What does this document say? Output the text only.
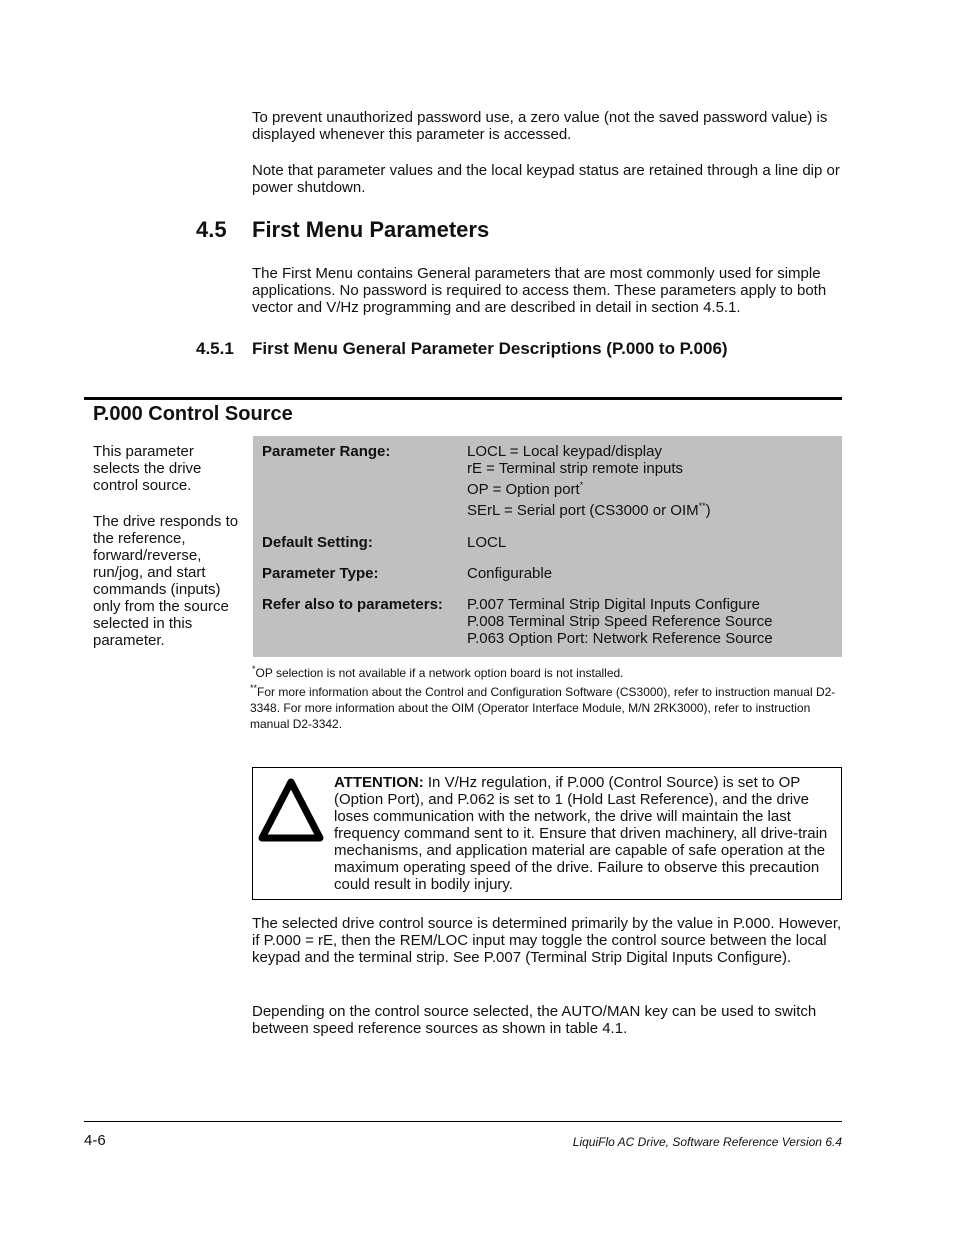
To prevent unauthorized password use, a zero value (not the saved password value) is displayed whenever this parameter is accessed.

Note that parameter values and the local keypad status are retained through a line dip or power shutdown.

4.5 First Menu Parameters

The First Menu contains General parameters that are most commonly used for simple applications. No password is required to access them. These parameters apply to both vector and V/Hz programming and are described in detail in section 4.5.1.

4.5.1 First Menu General Parameter Descriptions (P.000 to P.006)
P.000 Control Source

This parameter selects the drive control source.

The drive responds to the reference, forward/reverse, run/jog, and start commands (inputs) only from the source selected in this parameter.

Parameter Range:	LOCL = Local keypad/display
rE = Terminal strip remote inputs
OP = Option port*
SErL = Serial port (CS3000 or OIM**)
Default Setting:	LOCL
Parameter Type:	Configurable
Refer also to parameters: P.007 Terminal Strip Digital Inputs Configure
P.008 Terminal Strip Speed Reference Source
P.063 Option Port: Network Reference Source
*OP selection is not available if a network option board is not installed.
**For more information about the Control and Configuration Software (CS3000), refer to instruction manual D2-3348. For more information about the OIM (Operator Interface Module, M/N 2RK3000), refer to instruction manual D2-3342.
ATTENTION: In V/Hz regulation, if P.000 (Control Source) is set to OP (Option Port), and P.062 is set to 1 (Hold Last Reference), and the drive loses communication with the network, the drive will maintain the last frequency command sent to it. Ensure that driven machinery, all drive-train mechanisms, and application material are capable of safe operation at the maximum operating speed of the drive. Failure to observe this precaution could result in bodily injury.

The selected drive control source is determined primarily by the value in P.000. However, if P.000 = rE, then the REM/LOC input may toggle the control source between the local keypad and the terminal strip. See P.007 (Terminal Strip Digital Inputs Configure).

Depending on the control source selected, the AUTO/MAN key can be used to switch between speed reference sources as shown in table 4.1.

4-6	LiquiFlo AC Drive, Software Reference Version 6.4
